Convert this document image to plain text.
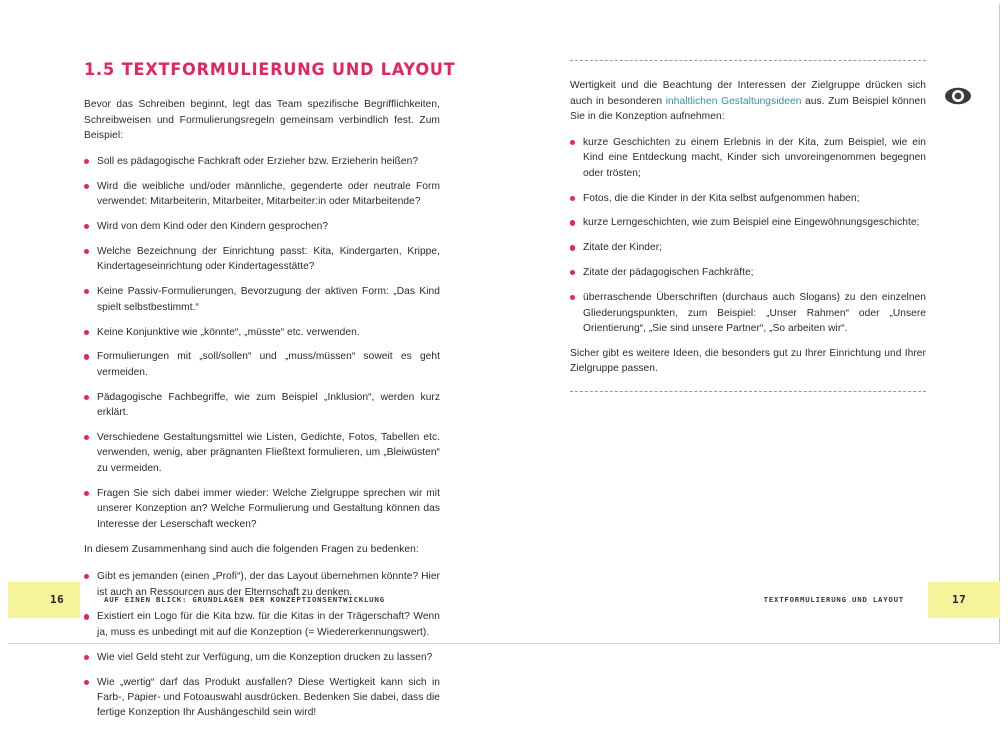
1.5 TEXTFORMULIERUNG UND LAYOUT

Bevor das Schreiben beginnt, legt das Team spezifische Begrifflichkeiten, Schreibweisen und Formulierungsregeln gemeinsam verbindlich fest. Zum Beispiel:

Soll es pädagogische Fachkraft oder Erzieher bzw. Erzieherin heißen?
Wird die weibliche und/oder männliche, gegenderte oder neutrale Form verwendet: Mitarbeiterin, Mitarbeiter, Mitarbeiter:in oder Mitarbeitende?
Wird von dem Kind oder den Kindern gesprochen?
Welche Bezeichnung der Einrichtung passt: Kita, Kindergarten, Krippe, Kindertageseinrichtung oder Kindertagesstätte?
Keine Passiv-Formulierungen, Bevorzugung der aktiven Form: „Das Kind spielt selbstbestimmt.“
Keine Konjunktive wie „könnte“, „müsste“ etc. verwenden.
Formulierungen mit „soll/sollen“ und „muss/müssen“ soweit es geht vermeiden.
Pädagogische Fachbegriffe, wie zum Beispiel „Inklusion“, werden kurz erklärt.
Verschiedene Gestaltungsmittel wie Listen, Gedichte, Fotos, Tabellen etc. verwenden, wenig, aber prägnanten Fließtext formulieren, um „Bleiwüsten“ zu vermeiden.
Fragen Sie sich dabei immer wieder: Welche Zielgruppe sprechen wir mit unserer Konzeption an? Welche Formulierung und Gestaltung können das Interesse der Leserschaft wecken?

In diesem Zusammenhang sind auch die folgenden Fragen zu bedenken:

Gibt es jemanden (einen „Profi“), der das Layout übernehmen könnte? Hier ist auch an Ressourcen aus der Elternschaft zu denken.
Existiert ein Logo für die Kita bzw. für die Kitas in der Trägerschaft? Wenn ja, muss es unbedingt mit auf die Konzeption (= Wiedererkennungswert).
Wie viel Geld steht zur Verfügung, um die Konzeption drucken zu lassen?
Wie „wertig“ darf das Produkt ausfallen? Diese Wertigkeit kann sich in Farb-, Papier- und Fotoauswahl ausdrücken. Bedenken Sie dabei, dass die fertige Konzeption Ihr Aushängeschild sein wird!

Wertigkeit und die Beachtung der Interessen der Zielgruppe drücken sich auch in besonderen inhaltlichen Gestaltungsideen aus. Zum Beispiel können Sie in die Konzeption aufnehmen:

kurze Geschichten zu einem Erlebnis in der Kita, zum Beispiel, wie ein Kind eine Entdeckung macht, Kinder sich unvoreingenommen begegnen oder trösten;
Fotos, die die Kinder in der Kita selbst aufgenommen haben;
kurze Lerngeschichten, wie zum Beispiel eine Eingewöhnungsgeschichte;
Zitate der Kinder;
Zitate der pädagogischen Fachkräfte;
überraschende Überschriften (durchaus auch Slogans) zu den einzelnen Gliederungspunkten, zum Beispiel: „Unser Rahmen“ oder „Unsere Orientierung“, „Sie sind unsere Partner“, „So arbeiten wir“.

Sicher gibt es weitere Ideen, die besonders gut zu Ihrer Einrichtung und Ihrer Zielgruppe passen.

16	AUF EINEN BLICK: GRUNDLAGEN DER KONZEPTIONSENTWICKLUNG	17
TEXTFORMULIERUNG UND LAYOUT
